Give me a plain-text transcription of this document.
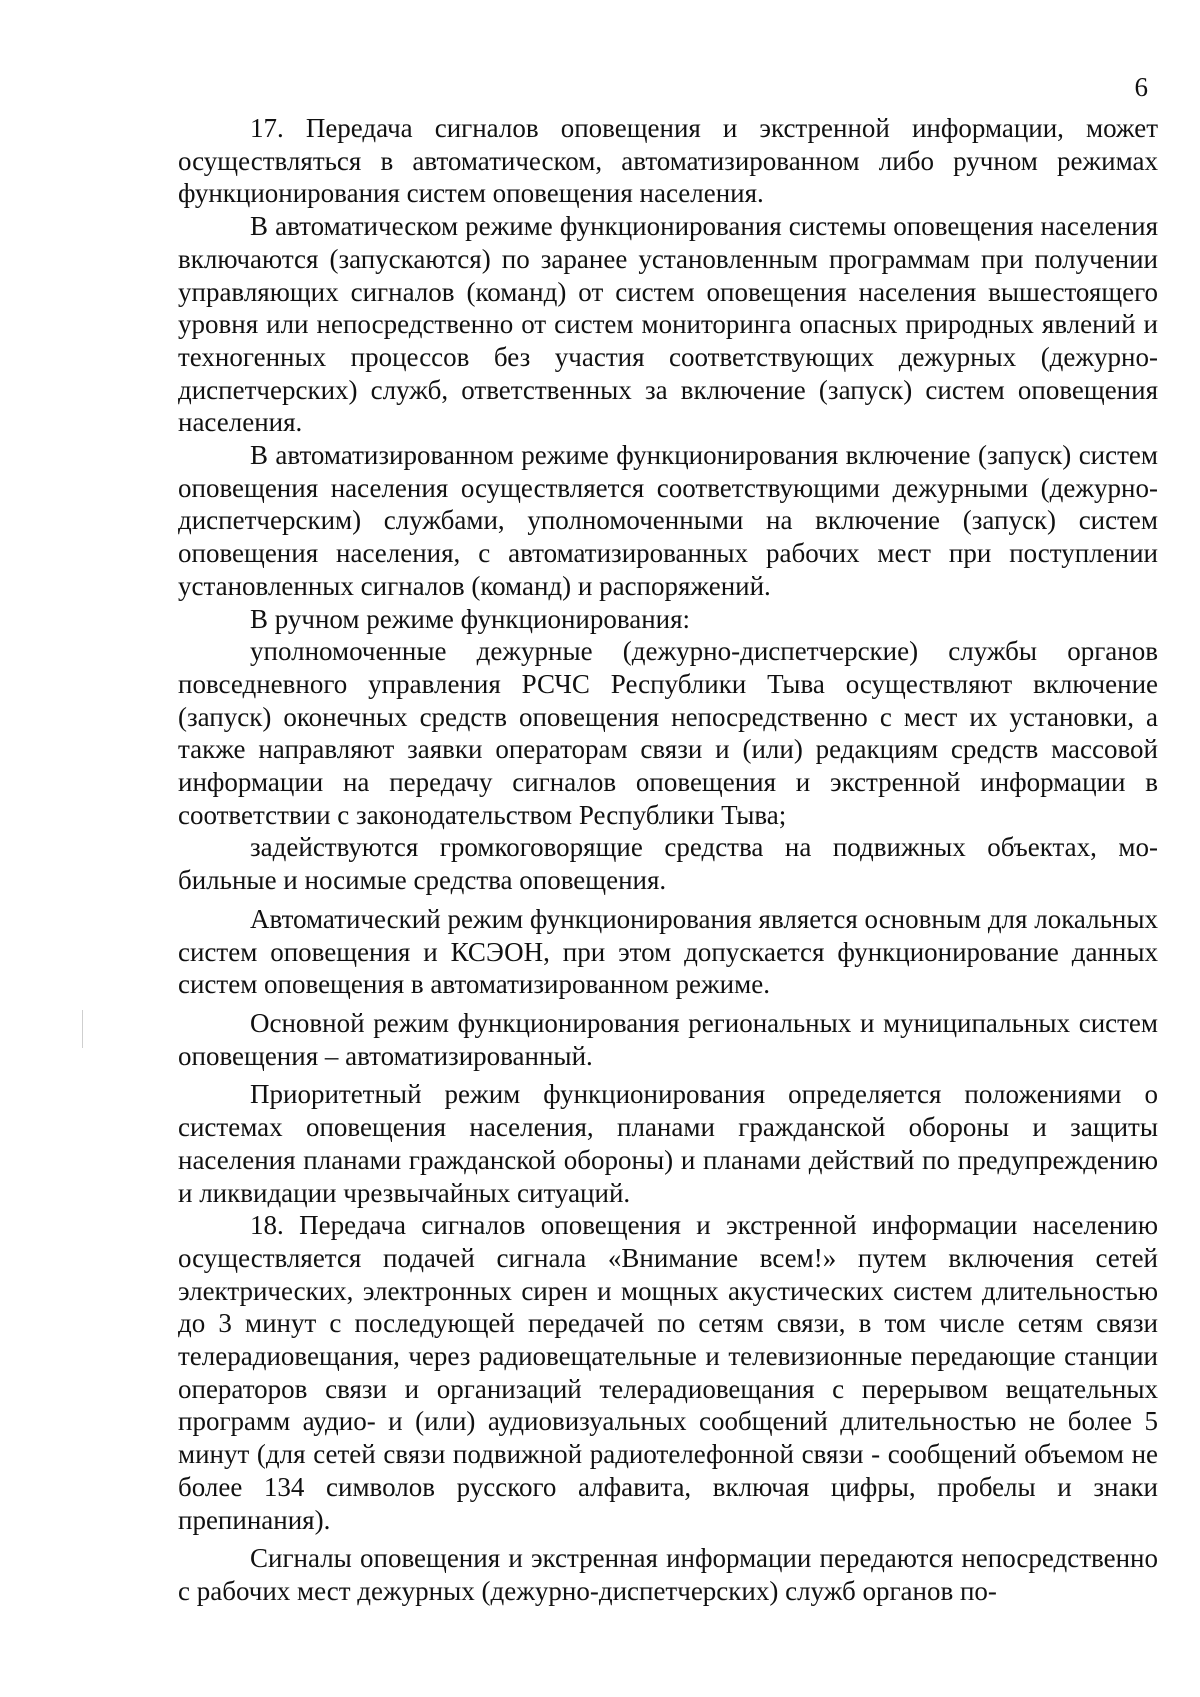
6

17. Передача сигналов оповещения и экстренной информации, может осуществляться в автоматическом, автоматизированном либо ручном режимах функционирования систем оповещения населения.

В автоматическом режиме функционирования системы оповещения населения включаются (запускаются) по заранее установленным программам при получении управляющих сигналов (команд) от систем оповещения населения вышестоящего уровня или непосредственно от систем мониторинга опасных природных явлений и техногенных процессов без участия соответствующих дежурных (дежурно-диспетчерских) служб, ответственных за включение (запуск) систем оповещения населения.

В автоматизированном режиме функционирования включение (запуск) систем оповещения населения осуществляется соответствующими дежурными (дежурно-диспетчерским) службами, уполномоченными на включение (запуск) систем оповещения населения, с автоматизированных рабочих мест при поступлении установленных сигналов (команд) и распоряжений.

В ручном режиме функционирования:

уполномоченные дежурные (дежурно-диспетчерские) службы органов повседневного управления РСЧС Республики Тыва осуществляют включение (запуск) оконечных средств оповещения непосредственно с мест их установки, а также направляют заявки операторам связи и (или) редакциям средств массовой информации на передачу сигналов оповещения и экстренной информации в соответствии с законодательством Республики Тыва;

задействуются громкоговорящие средства на подвижных объектах, мобильные и носимые средства оповещения.

Автоматический режим функционирования является основным для локальных систем оповещения и КСЭОН, при этом допускается функционирование данных систем оповещения в автоматизированном режиме.

Основной режим функционирования региональных и муниципальных систем оповещения – автоматизированный.

Приоритетный режим функционирования определяется положениями о системах оповещения населения, планами гражданской обороны и защиты населения планами гражданской обороны) и планами действий по предупреждению и ликвидации чрезвычайных ситуаций.

18. Передача сигналов оповещения и экстренной информации населению осуществляется подачей сигнала «Внимание всем!» путем включения сетей электрических, электронных сирен и мощных акустических систем длительностью до 3 минут с последующей передачей по сетям связи, в том числе сетям связи телерадиовещания, через радиовещательные и телевизионные передающие станции операторов связи и организаций телерадиовещания с перерывом вещательных программ аудио- и (или) аудиовизуальных сообщений длительностью не более 5 минут (для сетей связи подвижной радиотелефонной связи - сообщений объемом не более 134 символов русского алфавита, включая цифры, пробелы и знаки препинания).

Сигналы оповещения и экстренная информации передаются непосредственно с рабочих мест дежурных (дежурно-диспетчерских) служб органов по-
